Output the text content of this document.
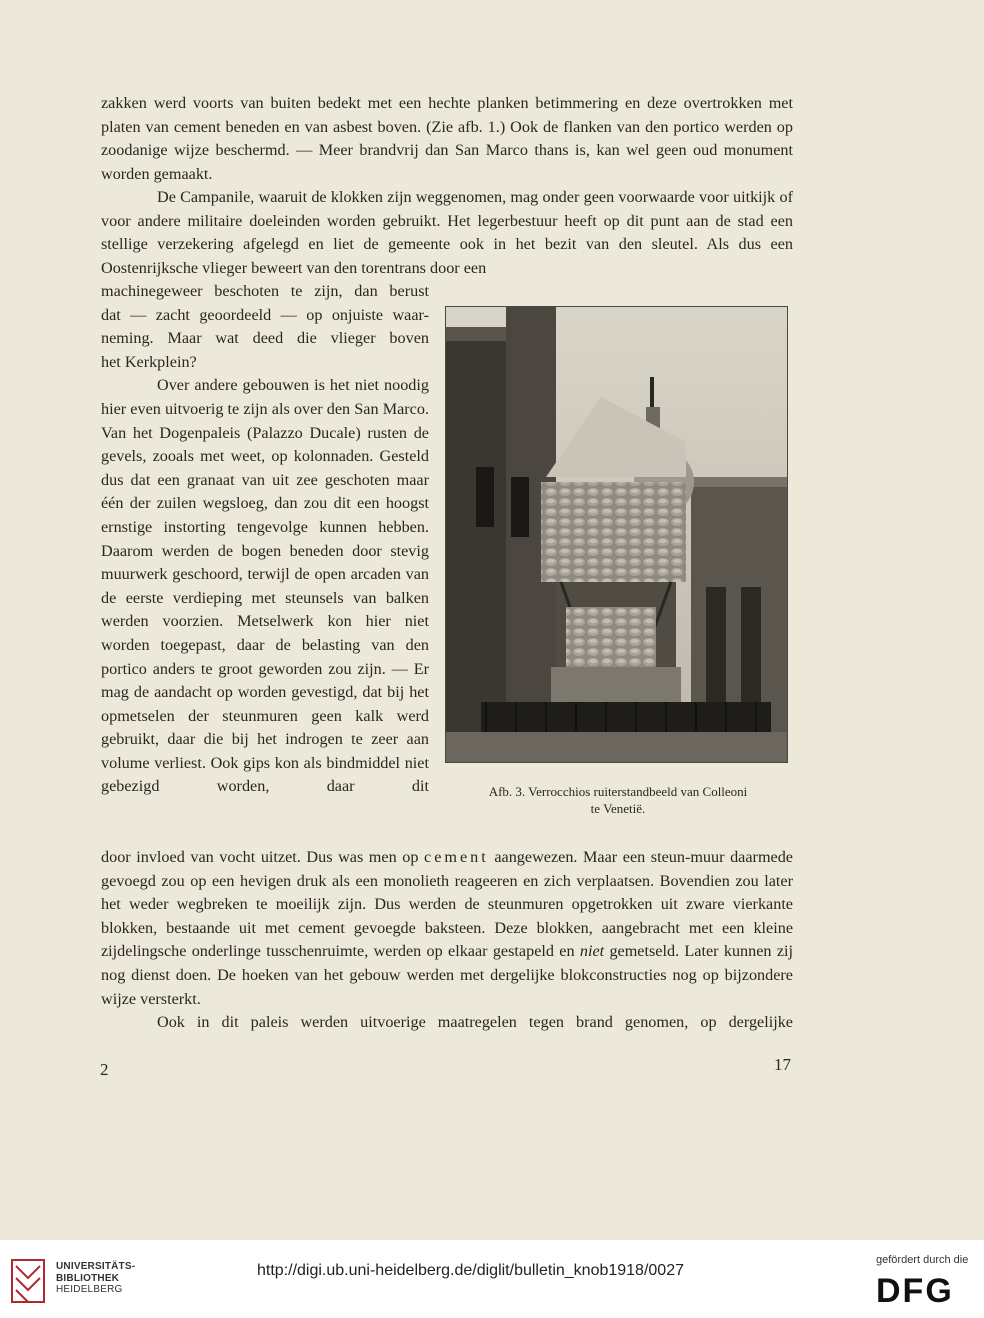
zakken werd voorts van buiten bedekt met een hechte planken betimmering en deze overtrokken met platen van cement beneden en van asbest boven. (Zie afb. 1.) Ook de flanken van den portico werden op zoodanige wijze beschermd. — Meer brandvrij dan San Marco thans is, kan wel geen oud monument worden gemaakt.

De Campanile, waaruit de klokken zijn weggenomen, mag onder geen voorwaarde voor uitkijk of voor andere militaire doeleinden worden gebruikt. Het legerbestuur heeft op dit punt aan de stad een stellige verzekering afgelegd en liet de gemeente ook in het bezit van den sleutel. Als dus een Oostenrijksche vlieger beweert van den torentrans door een

machinegeweer beschoten te zijn, dan berust
dat — zacht geoordeeld — op onjuiste waar-
neming. Maar wat deed die vlieger boven
het Kerkplein?
Over andere gebouwen is het niet noodig hier even uitvoerig te zijn als over den San Marco. Van het Dogenpaleis (Palazzo Ducale) rusten de gevels, zooals met weet, op kolonnaden. Gesteld dus dat een granaat van uit zee geschoten maar één der zuilen wegsloeg, dan zou dit een hoogst ernstige instorting tengevolge kunnen hebben. Daarom werden de bogen beneden door stevig muurwerk geschoord, terwijl de open arcaden van de eerste verdieping met steunsels van balken werden voorzien. Metselwerk kon hier niet worden toegepast, daar de belasting van den portico anders te groot geworden zou zijn. — Er mag de aandacht op worden gevestigd, dat bij het opmetselen der steunmuren geen kalk werd gebruikt, daar die bij het indrogen te zeer aan volume verliest. Ook gips kon als bindmiddel niet gebezigd worden, daar dit	Afb. 3. Verrocchios ruiterstandbeeld van Colleoni
te Venetië.

door invloed van vocht uitzet. Dus was men op cement aangewezen. Maar een steun-muur daarmede gevoegd zou op een hevigen druk als een monolieth reageeren en zich verplaatsen. Bovendien zou later het weder wegbreken te moeilijk zijn. Dus werden de steunmuren opgetrokken uit zware vierkante blokken, bestaande uit met cement gevoegde baksteen. Deze blokken, aangebracht met een kleine zijdelingsche onderlinge tusschenruimte, werden op elkaar gestapeld en niet gemetseld. Later kunnen zij nog dienst doen. De hoeken van het gebouw werden met dergelijke blokconstructies nog op bijzondere wijze versterkt.
Ook in dit paleis werden uitvoerige maatregelen tegen brand genomen, op dergelijke

2	17
UNIVERSITÄTS-
BIBLIOTHEK
HEIDELBERG
http://digi.ub.uni-heidelberg.de/diglit/bulletin_knob1918/0027
gefördert durch die
DFG
